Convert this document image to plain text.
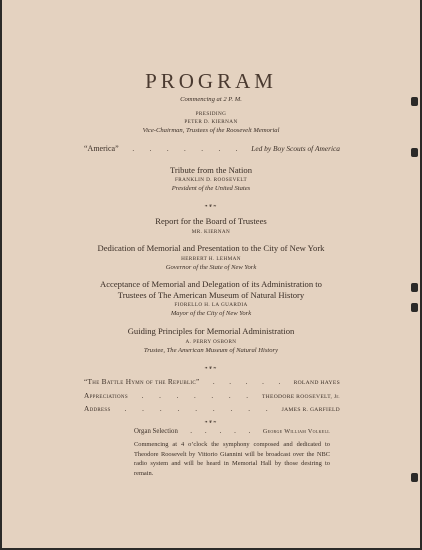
PROGRAM
Commencing at 2 P. M.
PRESIDING
PETER D. KIERNAN
Vice-Chairman, Trustees of the Roosevelt Memorial
“America” . . . . . . . Led by Boy Scouts of America
Tribute from the Nation
FRANKLIN D. ROOSEVELT
President of the United States
❧❦❧
Report for the Board of Trustees
MR. KIERNAN
Dedication of Memorial and Presentation to the City of New York
HERBERT H. LEHMAN
Governor of the State of New York
Acceptance of Memorial and Delegation of its Administration to
Trustees of The American Museum of Natural History
FIORELLO H. LA GUARDIA
Mayor of the City of New York
Guiding Principles for Memorial Administration
A. PERRY OSBORN
Trustee, The American Museum of Natural History
❧❦❧
“The Battle Hymn of the Republic” . . . . . ROLAND HAYES
Appreciations . . . . . . . THEODORE ROOSEVELT, Jr.
Address . . . . . . . . . JAMES R. GARFIELD
❧❦❧
Organ Selection . . . . . George William Volkell
Commencing at 4 o’clock the symphony composed and dedicated to Theodore Roosevelt by Vittorio Giannini will be broadcast over the NBC radio system and will be heard in Memorial Hall by those desiring to remain.
